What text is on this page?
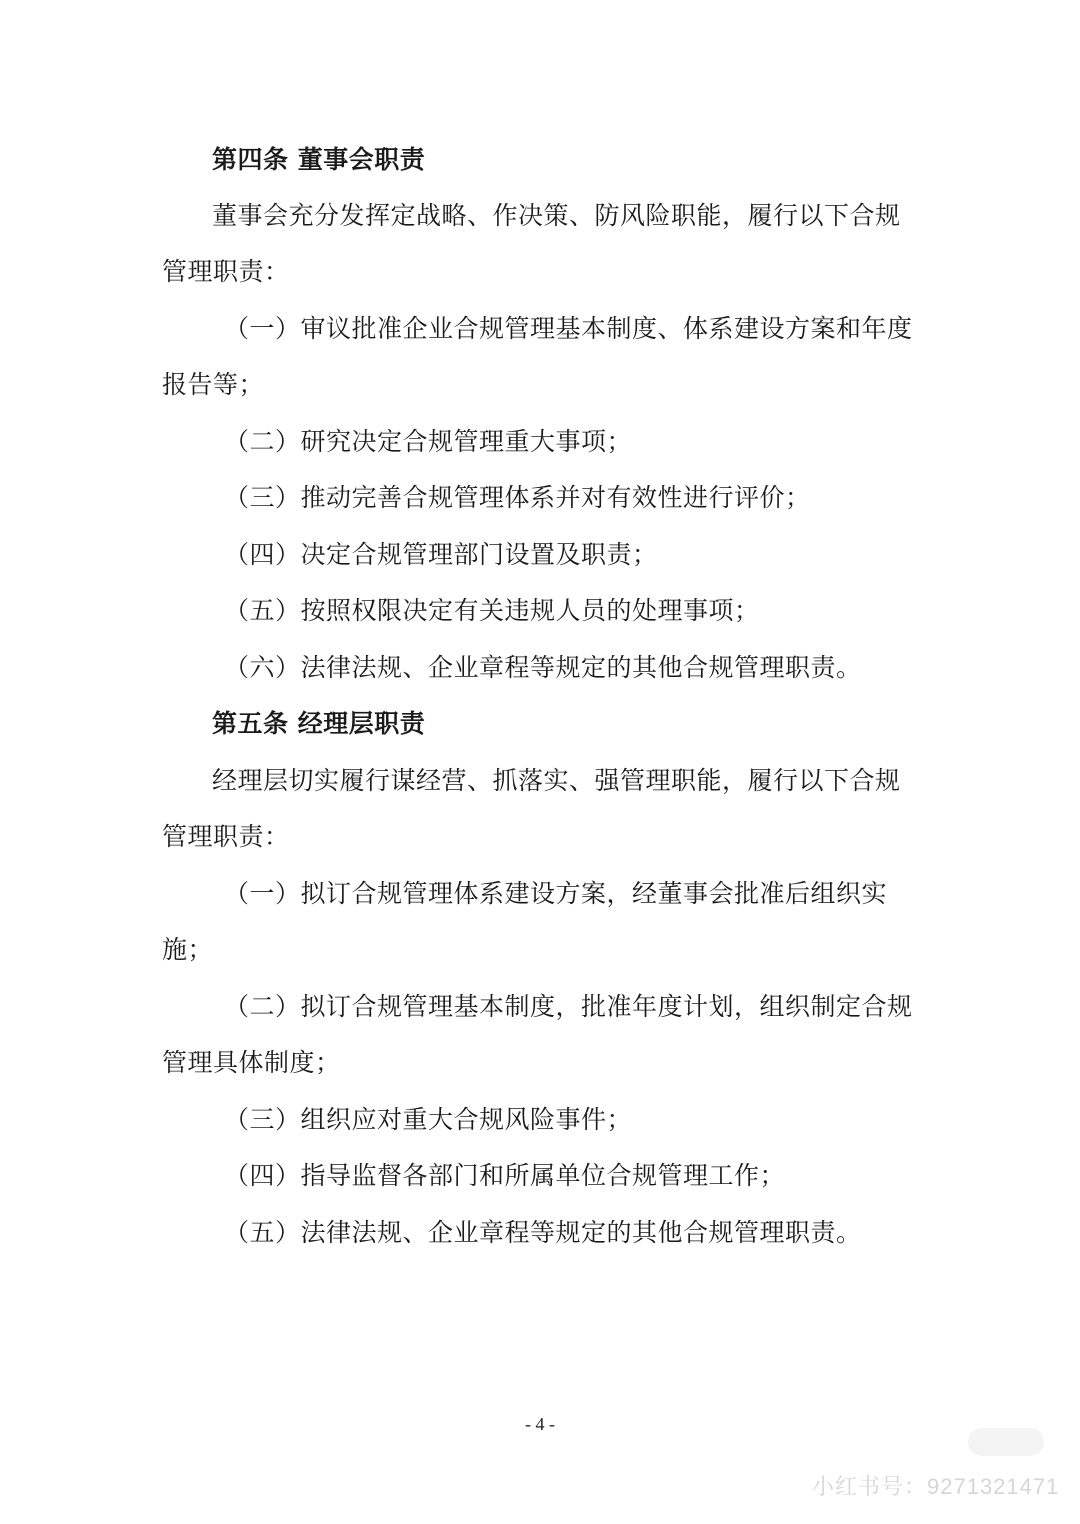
第四条 董事会职责
董事会充分发挥定战略、作决策、防风险职能，履行以下合规
管理职责：
（一）审议批准企业合规管理基本制度、体系建设方案和年度
报告等；
（二）研究决定合规管理重大事项；
（三）推动完善合规管理体系并对有效性进行评价；
（四）决定合规管理部门设置及职责；
（五）按照权限决定有关违规人员的处理事项；
（六）法律法规、企业章程等规定的其他合规管理职责。
第五条 经理层职责
经理层切实履行谋经营、抓落实、强管理职能，履行以下合规
管理职责：
（一）拟订合规管理体系建设方案，经董事会批准后组织实
施；
（二）拟订合规管理基本制度，批准年度计划，组织制定合规
管理具体制度；
（三）组织应对重大合规风险事件；
（四）指导监督各部门和所属单位合规管理工作；
（五）法律法规、企业章程等规定的其他合规管理职责。
- 4 -
小红书号：9271321471
